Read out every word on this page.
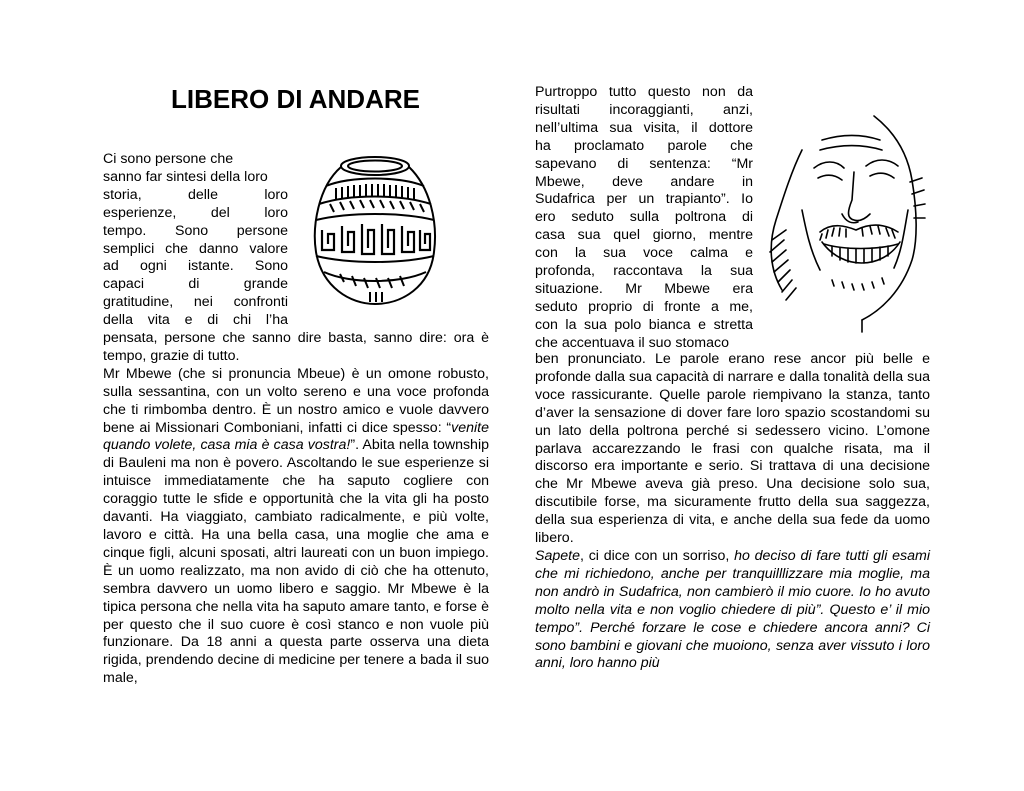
LIBERO DI ANDARE

Ci sono persone che

sanno far sintesi della loro

storia, delle loro

esperienze, del loro

tempo. Sono persone

semplici che danno valore

ad ogni istante. Sono

capaci di grande

gratitudine, nei confronti

della vita e di chi l’ha

pensata, persone che sanno dire basta, sanno dire: ora è tempo, grazie di tutto.

Mr Mbewe (che si pronuncia Mbeue) è un omone robusto, sulla sessantina, con un volto sereno e una voce profonda che ti rimbomba dentro. È un nostro amico e vuole davvero bene ai Missionari Comboniani, infatti ci dice spesso: “venite quando volete, casa mia è casa vostra!”. Abita nella township di Bauleni ma non è povero. Ascoltando le sue esperienze si intuisce immediatamente che ha saputo cogliere con coraggio tutte le sfide e opportunità che la vita gli ha posto davanti. Ha viaggiato, cambiato radicalmente, e più volte, lavoro e città. Ha una bella casa, una moglie che ama e cinque figli, alcuni sposati, altri laureati con un buon impiego. È un uomo realizzato, ma non avido di ciò che ha ottenuto, sembra davvero un uomo libero e saggio. Mr Mbewe è la tipica persona che nella vita ha saputo amare tanto, e forse è per questo che il suo cuore è così stanco e non vuole più funzionare. Da 18 anni a questa parte osserva una dieta rigida, prendendo decine di medicine per tenere a bada il suo male,

Purtroppo tutto questo non da

risultati incoraggianti, anzi,

nell’ultima sua visita, il dottore

ha proclamato parole che

sapevano di sentenza: “Mr

Mbewe, deve andare in

Sudafrica per un trapianto”. Io

ero seduto sulla poltrona di

casa sua quel giorno, mentre

con la sua voce calma e

profonda, raccontava la sua

situazione. Mr Mbewe era

seduto proprio di fronte a me,

con la sua polo bianca e stretta

che accentuava il suo stomaco

ben pronunciato. Le parole erano rese ancor più belle e profonde dalla sua capacità di narrare e dalla tonalità della sua voce rassicurante. Quelle parole riempivano la stanza, tanto d’aver la sensazione di dover fare loro spazio scostandomi su un lato della poltrona perché si sedessero vicino. L’omone parlava accarezzando le frasi con qualche risata, ma il discorso era importante e serio. Si trattava di una decisione che Mr Mbewe aveva già preso. Una decisione solo sua, discutibile forse, ma sicuramente frutto della sua saggezza, della sua esperienza di vita, e anche della sua fede da uomo libero.

Sapete, ci dice con un sorriso, ho deciso di fare tutti gli esami che mi richiedono, anche per tranquilllizzare mia moglie, ma non andrò in Sudafrica, non cambierò il mio cuore. Io ho avuto molto nella vita e non voglio chiedere di più”. Questo e’ il mio tempo”. Perché forzare le cose e chiedere ancora anni? Ci sono bambini e giovani che muoiono, senza aver vissuto i loro anni, loro hanno più
